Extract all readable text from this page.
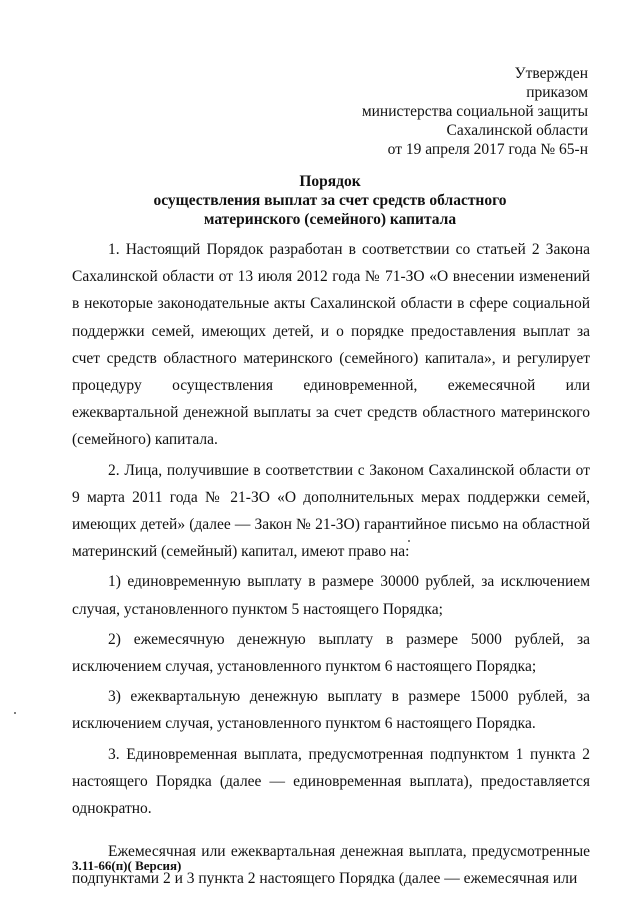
Утвержден
приказом
министерства социальной защиты
Сахалинской области
от 19 апреля 2017 года № 65-н
Порядок
осуществления выплат за счет средств областного
материнского (семейного) капитала

1. Настоящий Порядок разработан в соответствии со статьей 2 Закона Сахалинской области от 13 июля 2012 года № 71-ЗО «О внесении изменений в некоторые законодательные акты Сахалинской области в сфере социальной поддержки семей, имеющих детей, и о порядке предоставления выплат за счет средств областного материнского (семейного) капитала», и регулирует процедуру осуществления единовременной, ежемесячной или ежеквартальной денежной выплаты за счет средств областного материнского (семейного) капитала.

2. Лица, получившие в соответствии с Законом Сахалинской области от 9 марта 2011 года № 21-ЗО «О дополнительных мерах поддержки семей, имеющих детей» (далее — Закон № 21-ЗО) гарантийное письмо на областной материнский (семейный) капитал, имеют право на:

1) единовременную выплату в размере 30000 рублей, за исключением случая, установленного пунктом 5 настоящего Порядка;

2) ежемесячную денежную выплату в размере 5000 рублей, за исключением случая, установленного пунктом 6 настоящего Порядка;

3) ежеквартальную денежную выплату в размере 15000 рублей, за исключением случая, установленного пунктом 6 настоящего Порядка.

3. Единовременная выплата, предусмотренная подпунктом 1 пункта 2 настоящего Порядка (далее — единовременная выплата), предоставляется однократно.

Ежемесячная или ежеквартальная денежная выплата, предусмотренные подпунктами 2 и 3 пункта 2 настоящего Порядка (далее — ежемесячная или

3.11-66(п)( Версия)
